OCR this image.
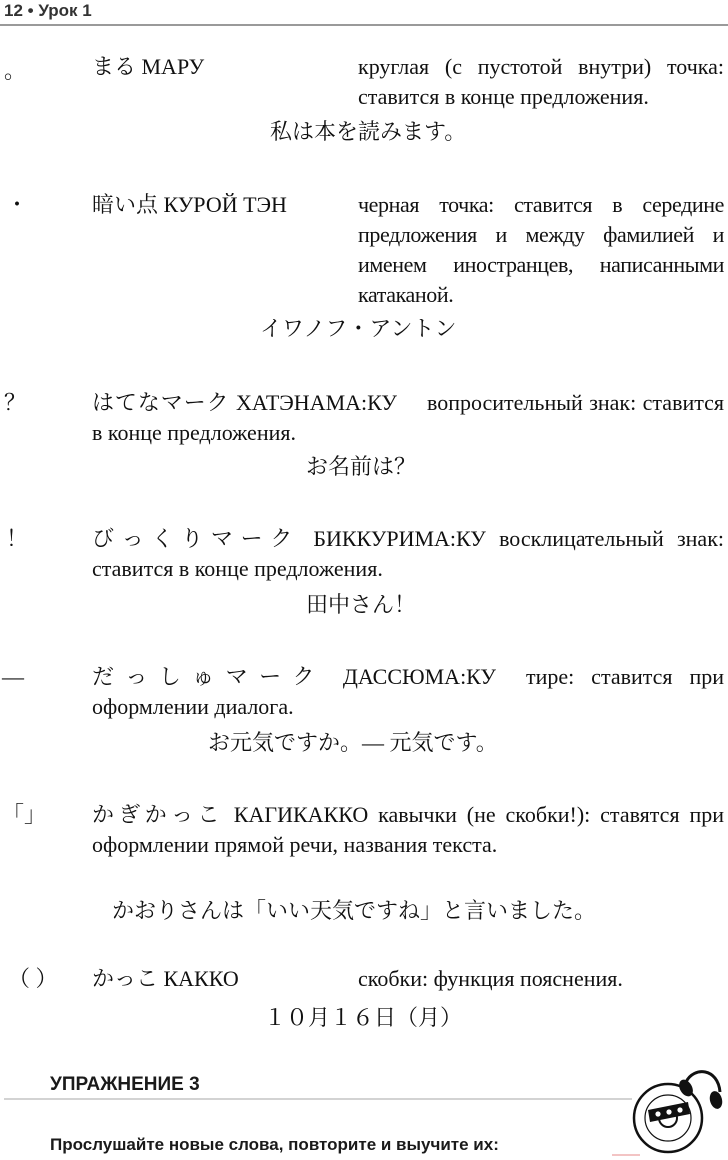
12 • Урок 1
。	まる МАРУ	круглая (с пустотой внутри) точка: ставится в конце предложения.
私は本を読みます。
・	暗い点 КУРОЙ ТЭН	черная точка: ставится в середине предложения и между фамилией и именем иностранцев, написанными катаканой.
イワノフ・アントン
？	はてなマーク ХАТЭНАМА:КУ вопросительный знак: ставится в конце предложения.
お名前は？
！	びっくりマーク БИККУРИМА:КУ восклицательный знак: ставится в конце предложения.
田中さん！
—	だっしゅマーク ДАССЮМА:КУ тире: ставится при оформлении диалога.
お元気ですか。— 元気です。
「」 かぎかっこ КАГИКАККО кавычки (не скобки!): ставятся при оформлении прямой речи, названия текста.
かおりさんは「いい天気ですね」と言いました。
（ ） かっこ КАККО	скобки: функция пояснения.
１０月１６日（月）
УПРАЖНЕНИЕ 3
Прослушайте новые слова, повторите и выучите их:
